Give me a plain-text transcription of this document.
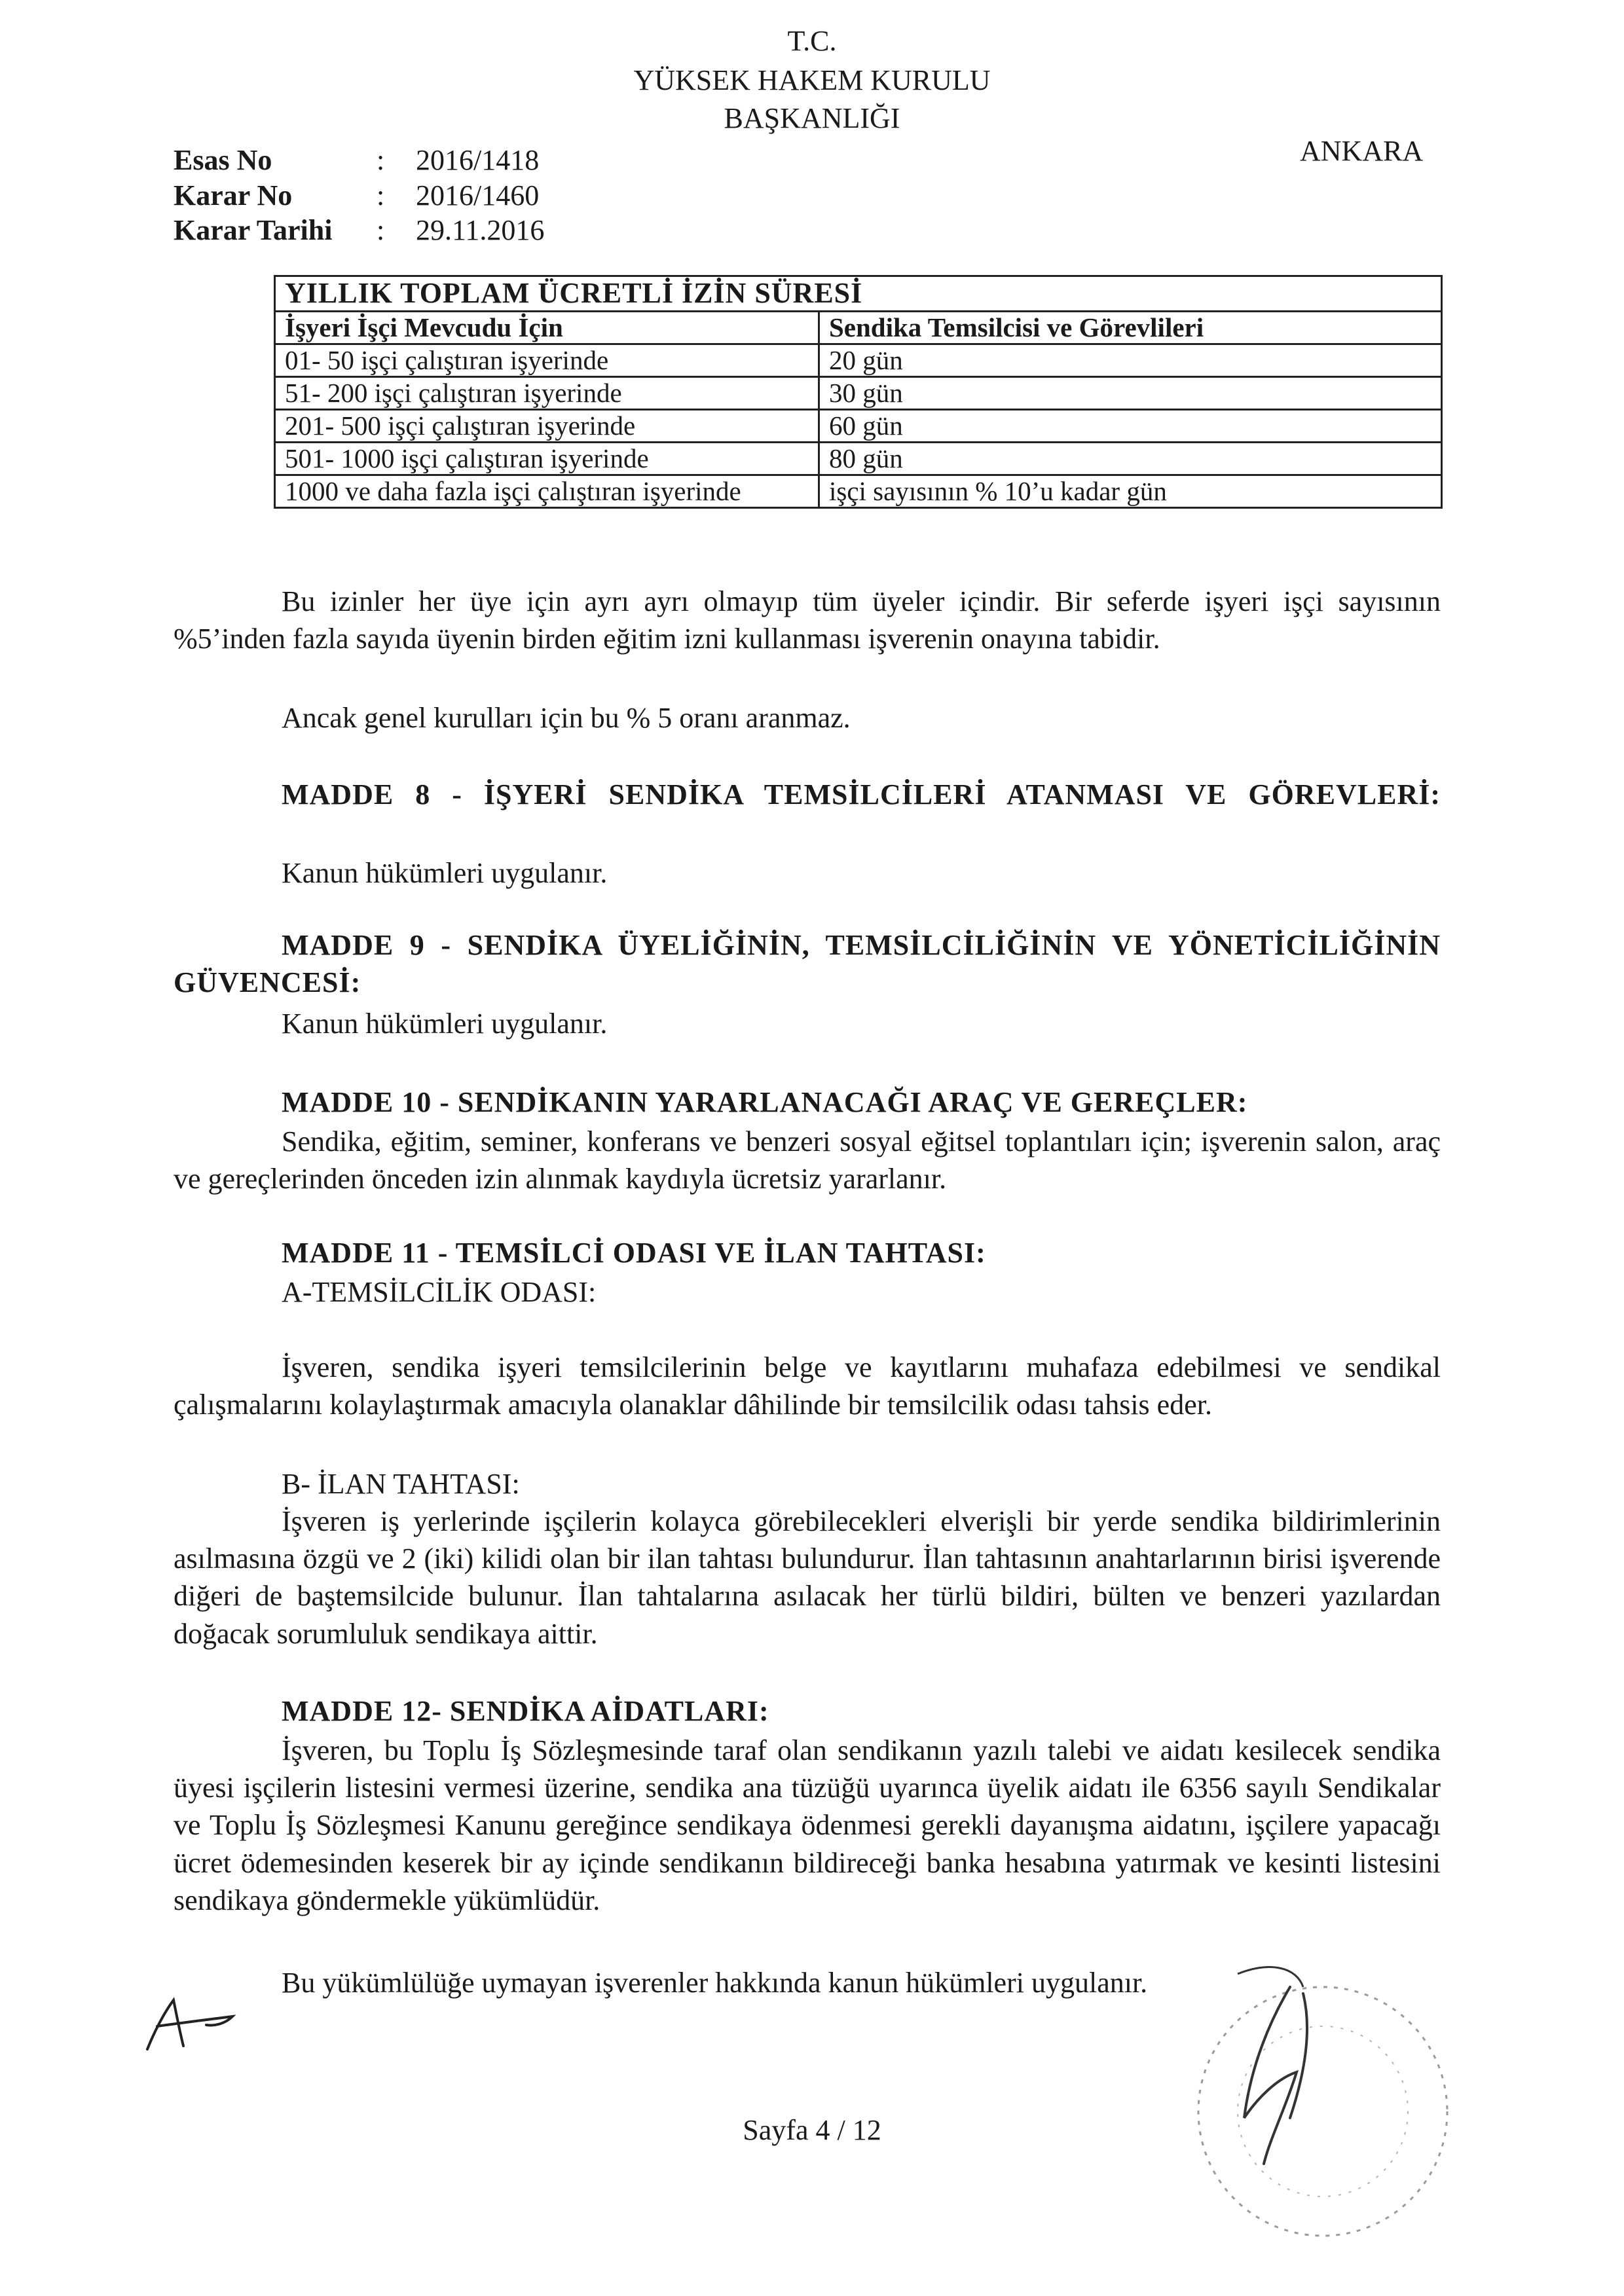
T.C.
YÜKSEK HAKEM KURULU
BAŞKANLIĞI
ANKARA
Esas No	:	2016/1418
Karar No	:	2016/1460
Karar Tarihi	:	29.11.2016
YILLIK TOPLAM ÜCRETLİ İZİN SÜRESİ	
İşyeri İşçi Mevcudu İçin	Sendika Temsilcisi ve Görevlileri
01- 50 işçi çalıştıran işyerinde	20 gün
51- 200 işçi çalıştıran işyerinde	30 gün
201- 500 işçi çalıştıran işyerinde	60 gün
501- 1000 işçi çalıştıran işyerinde	80 gün
1000 ve daha fazla işçi çalıştıran işyerinde	işçi sayısının % 10’u kadar gün
Bu izinler her üye için ayrı ayrı olmayıp tüm üyeler içindir. Bir seferde işyeri işçi sayısının %5’inden fazla sayıda üyenin birden eğitim izni kullanması işverenin onayına tabidir.
Ancak genel kurulları için bu % 5 oranı aranmaz.
MADDE 8 - İŞYERİ SENDİKA TEMSİLCİLERİ ATANMASI VE GÖREVLERİ:
Kanun hükümleri uygulanır.
MADDE 9 - SENDİKA ÜYELİĞİNİN, TEMSİLCİLİĞİNİN VE YÖNETİCİLİĞİNİN GÜVENCESİ:
Kanun hükümleri uygulanır.
MADDE 10 - SENDİKANIN YARARLANACAĞI ARAÇ VE GEREÇLER:
Sendika, eğitim, seminer, konferans ve benzeri sosyal eğitsel toplantıları için; işverenin salon, araç ve gereçlerinden önceden izin alınmak kaydıyla ücretsiz yararlanır.
MADDE 11 - TEMSİLCİ ODASI VE İLAN TAHTASI:
A-TEMSİLCİLİK ODASI:
İşveren, sendika işyeri temsilcilerinin belge ve kayıtlarını muhafaza edebilmesi ve sendikal çalışmalarını kolaylaştırmak amacıyla olanaklar dâhilinde bir temsilcilik odası tahsis eder.
B- İLAN TAHTASI:
İşveren iş yerlerinde işçilerin kolayca görebilecekleri elverişli bir yerde sendika bildirimlerinin asılmasına özgü ve 2 (iki) kilidi olan bir ilan tahtası bulundurur. İlan tahtasının anahtarlarının birisi işverende diğeri de baştemsilcide bulunur. İlan tahtalarına asılacak her türlü bildiri, bülten ve benzeri yazılardan doğacak sorumluluk sendikaya aittir.
MADDE 12- SENDİKA AİDATLARI:
İşveren, bu Toplu İş Sözleşmesinde taraf olan sendikanın yazılı talebi ve aidatı kesilecek sendika üyesi işçilerin listesini vermesi üzerine, sendika ana tüzüğü uyarınca üyelik aidatı ile 6356 sayılı Sendikalar ve Toplu İş Sözleşmesi Kanunu gereğince sendikaya ödenmesi gerekli dayanışma aidatını, işçilere yapacağı ücret ödemesinden keserek bir ay içinde sendikanın bildireceği banka hesabına yatırmak ve kesinti listesini sendikaya göndermekle yükümlüdür.
Bu yükümlülüğe uymayan işverenler hakkında kanun hükümleri uygulanır.
Sayfa 4 / 12
